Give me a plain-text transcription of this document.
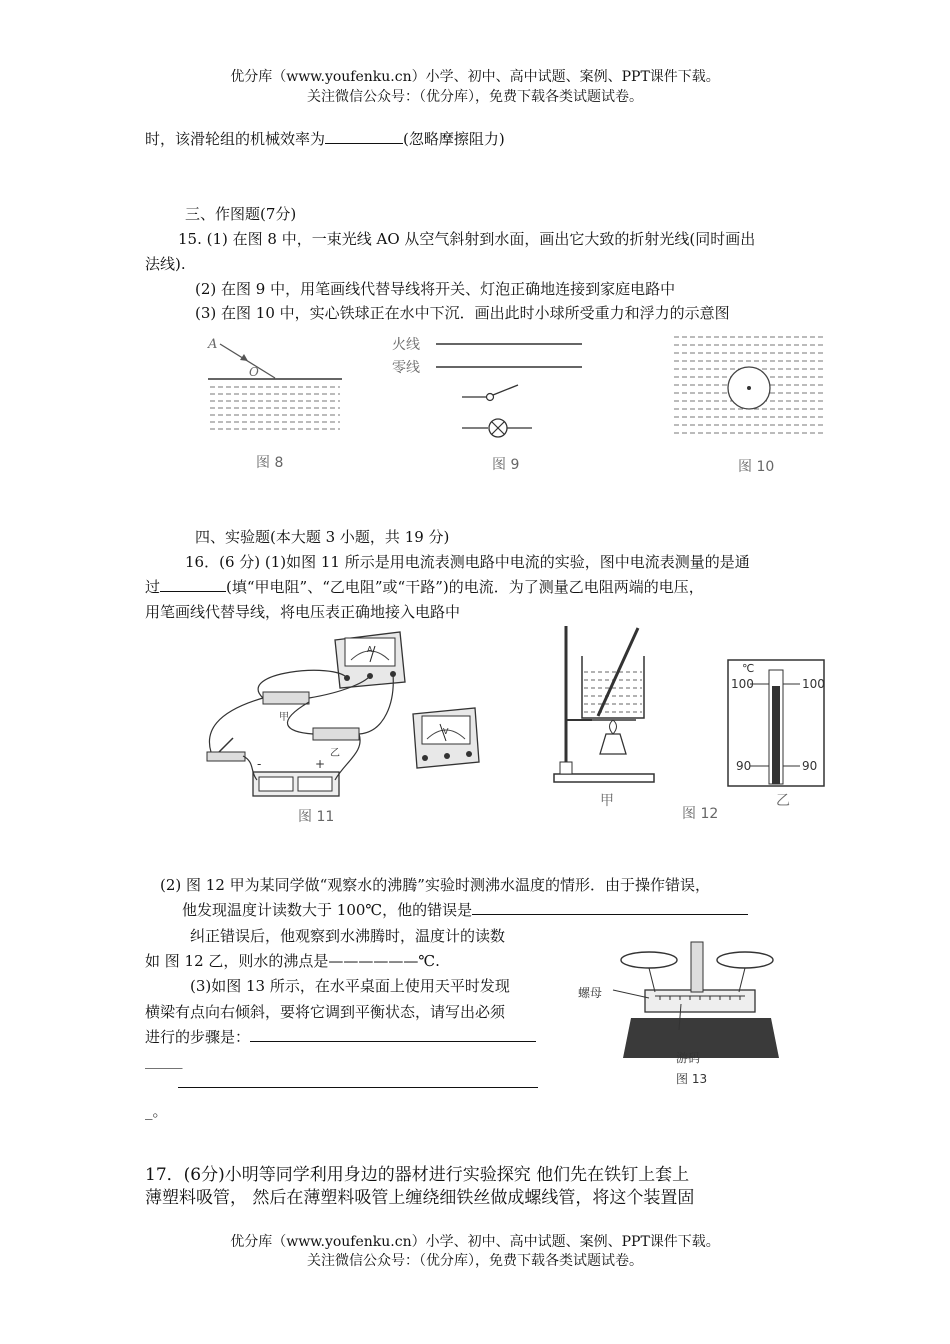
优分库（www.youfenku.cn）小学、初中、高中试题、案例、PPT课件下载。
关注微信公众号：（优分库），免费下载各类试题试卷。
时，该滑轮组的机械效率为	(忽略摩擦阻力)
三、作图题(7分)
15. (1) 在图 8 中，一束光线 AO 从空气斜射到水面，画出它大致的折射光线(同时画出
法线).
(2) 在图 9 中，用笔画线代替导线将开关、灯泡正确地连接到家庭电路中
(3) 在图 10 中，实心铁球正在水中下沉．画出此时小球所受重力和浮力的示意图
A
O
图 8
火线
零线
图 9	图 10
四、实验题(本大题 3 小题，共 19 分)
16．(6 分) (1)如图 11 所示是用电流表测电路中电流的实验，图中电流表测量的是通
过	(填“甲电阻”、“乙电阻”或“干路”)的电流．为了测量乙电阻两端的电压，
用笔画线代替导线，将电压表正确地接入电路中
A
V
甲
乙
-	+
图 11
℃
100	100
90	90
甲
图 12
乙
(2) 图 12 甲为某同学做“观察水的沸腾”实验时测沸水温度的情形．由于操作错误，
他发现温度计读数大于 100℃，他的错误是
纠正错误后，他观察到水沸腾时，温度计的读数
如 图 12 乙，则水的沸点是——————℃.
(3)如图 13 所示，在水平桌面上使用天平时发现
横梁有点向右倾斜，要将它调到平衡状态，请写出必须
进行的步骤是：
_____
_。
螺母
游码
图 13
17．(6分)小明等同学利用身边的器材进行实验探究 他们先在铁钉上套上
薄塑料吸管， 然后在薄塑料吸管上缠绕细铁丝做成螺线管，将这个装置固
优分库（www.youfenku.cn）小学、初中、高中试题、案例、PPT课件下载。
关注微信公众号：（优分库），免费下载各类试题试卷。
